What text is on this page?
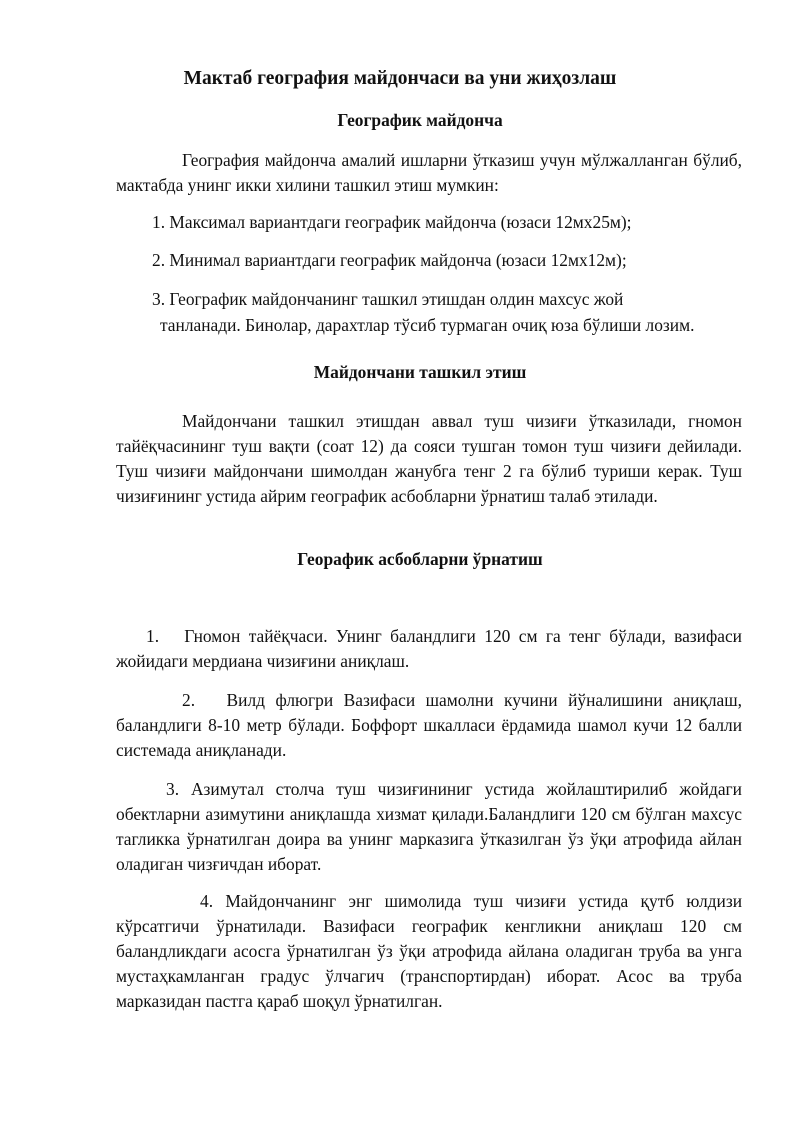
Мактаб география майдончаси ва уни жиҳозлаш
Географик майдонча

География майдонча амалий ишларни ўтказиш учун мўлжалланган бўлиб, мактабда унинг икки хилини ташкил этиш мумкин:

1. Максимал вариантдаги географик майдонча (юзаси 12мх25м);

2. Минимал вариантдаги географик майдонча (юзаси 12мх12м);

3. Географик майдончанинг ташкил этишдан олдин махсус жой

танланади. Бинолар, дарахтлар тўсиб турмаган очиқ юза бўлиши лозим.

Майдончани ташкил этиш

Майдончани ташкил этишдан аввал туш чизиғи ўтказилади, гномон тайёқчасининг туш вақти (соат 12) да сояси тушган томон туш чизиғи дейилади. Туш чизиғи майдончани шимолдан жанубга тенг 2 га бўлиб туриши керак. Туш чизиғининг устида айрим географик асбобларни ўрнатиш талаб этилади.

Георафик асбобларни ўрнатиш

1.   Гномон тайёқчаси. Унинг баландлиги 120 см га тенг бўлади, вазифаси жойидаги мердиана чизиғини аниқлаш.

2.   Вилд флюгри Вазифаси шамолни кучини йўналишини аниқлаш, баландлиги 8-10 метр бўлади. Боффорт шкалласи ёрдамида шамол кучи 12 балли системада аниқланади.

3. Азимутал столча туш чизиғининиг устида жойлаштирилиб жойдаги обектларни азимутини аниқлашда хизмат қилади.Баландлиги 120 см бўлган махсус тагликка ўрнатилган доира ва унинг марказига ўтказилган ўз ўқи атрофида айлан оладиган чизғичдан иборат.

4. Майдончанинг энг шимолида туш чизиғи устида қутб юлдизи кўрсатгичи ўрнатилади. Вазифаси географик кенгликни аниқлаш 120 см баландликдаги асосга ўрнатилган ўз ўқи атрофида айлана оладиган труба ва унга мустаҳкамланган градус ўлчагич (транспортирдан) иборат. Асос ва труба марказидан пастга қараб шоқул ўрнатилган.
